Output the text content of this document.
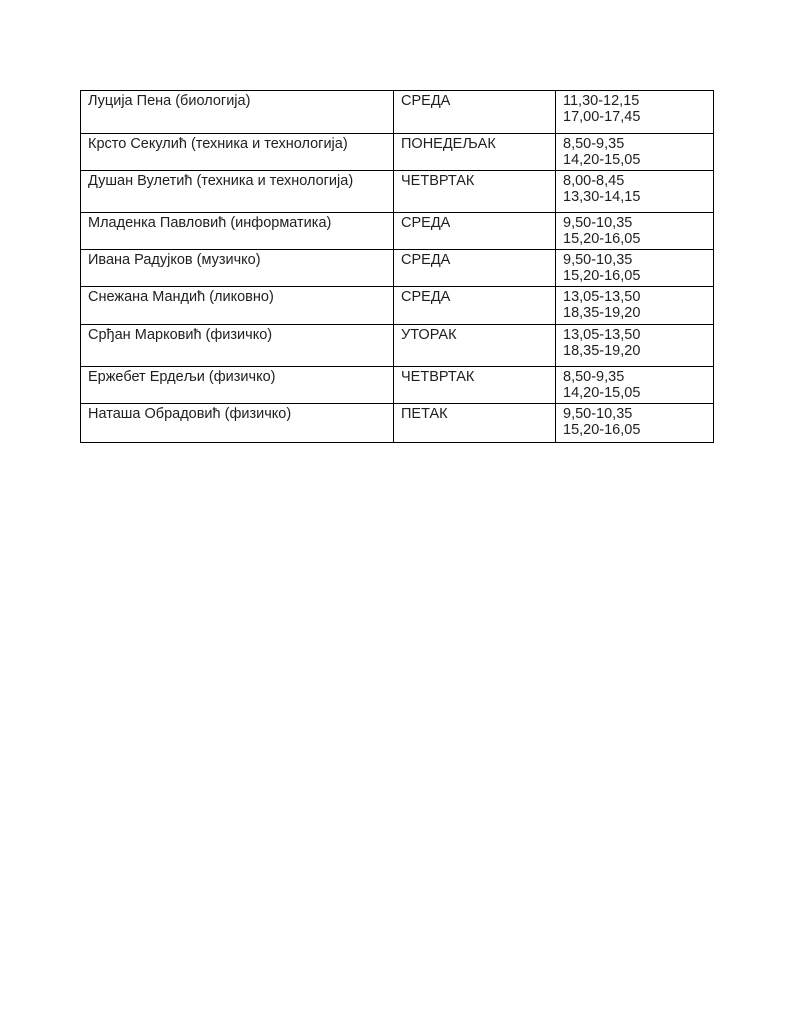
Луција Пена (биологија)	СРЕДА	11,30-12,15
17,00-17,45

Крсто Секулић (техника и технологија)	ПОНЕДЕЉАК	8,50-9,35
14,20-15,05

Душан Вулетић (техника и технологија)	ЧЕТВРТАК	8,00-8,45
13,30-14,15

Младенка Павловић (информатика)	СРЕДА	9,50-10,35
15,20-16,05

Ивана Радујков (музичко)	СРЕДА	9,50-10,35
15,20-16,05

Снежана Мандић (ликовно)	СРЕДА	13,05-13,50
18,35-19,20

Срђан Марковић (физичко)	УТОРАК	13,05-13,50
18,35-19,20

Ержебет Ердељи (физичко)	ЧЕТВРТАК	8,50-9,35
14,20-15,05

Наташа Обрадовић (физичко)	ПЕТАК	9,50-10,35
15,20-16,05
